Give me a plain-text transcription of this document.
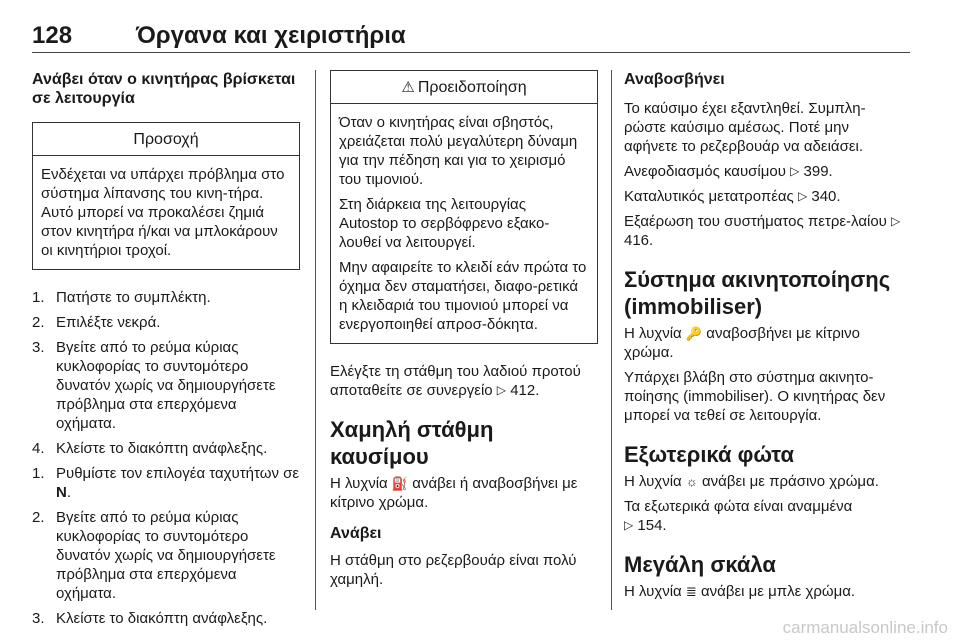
128	Όργανα και χειριστήρια
Ανάβει όταν ο κινητήρας βρίσκεται σε λειτουργία
Προσοχή

Ενδέχεται να υπάρχει πρόβλημα στο σύστημα λίπανσης του κινη-τήρα. Αυτό μπορεί να προκαλέσει ζημιά στον κινητήρα ή/και να μπλοκάρουν οι κινητήριοι τροχοί.

1. Πατήστε το συμπλέκτη.
2. Επιλέξτε νεκρά.
3. Βγείτε από το ρεύμα κύριας κυκλοφορίας το συντομότερο δυνατόν χωρίς να δημιουργήσετε πρόβλημα στα επερχόμενα οχήματα.
4. Κλείστε το διακόπτη ανάφλεξης.
1. Ρυθμίστε τον επιλογέα ταχυτήτων σε N.
2. Βγείτε από το ρεύμα κύριας κυκλοφορίας το συντομότερο δυνατόν χωρίς να δημιουργήσετε πρόβλημα στα επερχόμενα οχήματα.
3. Κλείστε το διακόπτη ανάφλεξης.
⚠ Προειδοποίηση

Όταν ο κινητήρας είναι σβηστός, χρειάζεται πολύ μεγαλύτερη δύναμη για την πέδηση και για το χειρισμό του τιμονιού.

Στη διάρκεια της λειτουργίας Autostop το σερβόφρενο εξακο-λουθεί να λειτουργεί.

Μην αφαιρείτε το κλειδί εάν πρώτα το όχημα δεν σταματήσει, διαφο-ρετικά η κλειδαριά του τιμονιού μπορεί να ενεργοποιηθεί απροσ-δόκητα.

Ελέγξτε τη στάθμη του λαδιού προτού αποταθείτε σε συνεργείο ▷ 412.

Χαμηλή στάθμη καυσίμου

Η λυχνία ⛽ ανάβει ή αναβοσβήνει με κίτρινο χρώμα.

Ανάβει

Η στάθμη στο ρεζερβουάρ είναι πολύ χαμηλή.

Αναβοσβήνει

Το καύσιμο έχει εξαντληθεί. Συμπλη-ρώστε καύσιμο αμέσως. Ποτέ μην αφήνετε το ρεζερβουάρ να αδειάσει.

Ανεφοδιασμός καυσίμου ▷ 399.

Καταλυτικός μετατροπέας ▷ 340.

Εξαέρωση του συστήματος πετρε-λαίου ▷ 416.

Σύστημα ακινητοποίησης (immobiliser)

Η λυχνία 🔑 αναβοσβήνει με κίτρινο χρώμα.

Υπάρχει βλάβη στο σύστημα ακινητο-ποίησης (immobiliser). Ο κινητήρας δεν μπορεί να τεθεί σε λειτουργία.

Εξωτερικά φώτα

Η λυχνία ☼ ανάβει με πράσινο χρώμα.

Τα εξωτερικά φώτα είναι αναμμένα
▷ 154.

Μεγάλη σκάλα

Η λυχνία ≣ ανάβει με μπλε χρώμα.

carmanualsonline.info
